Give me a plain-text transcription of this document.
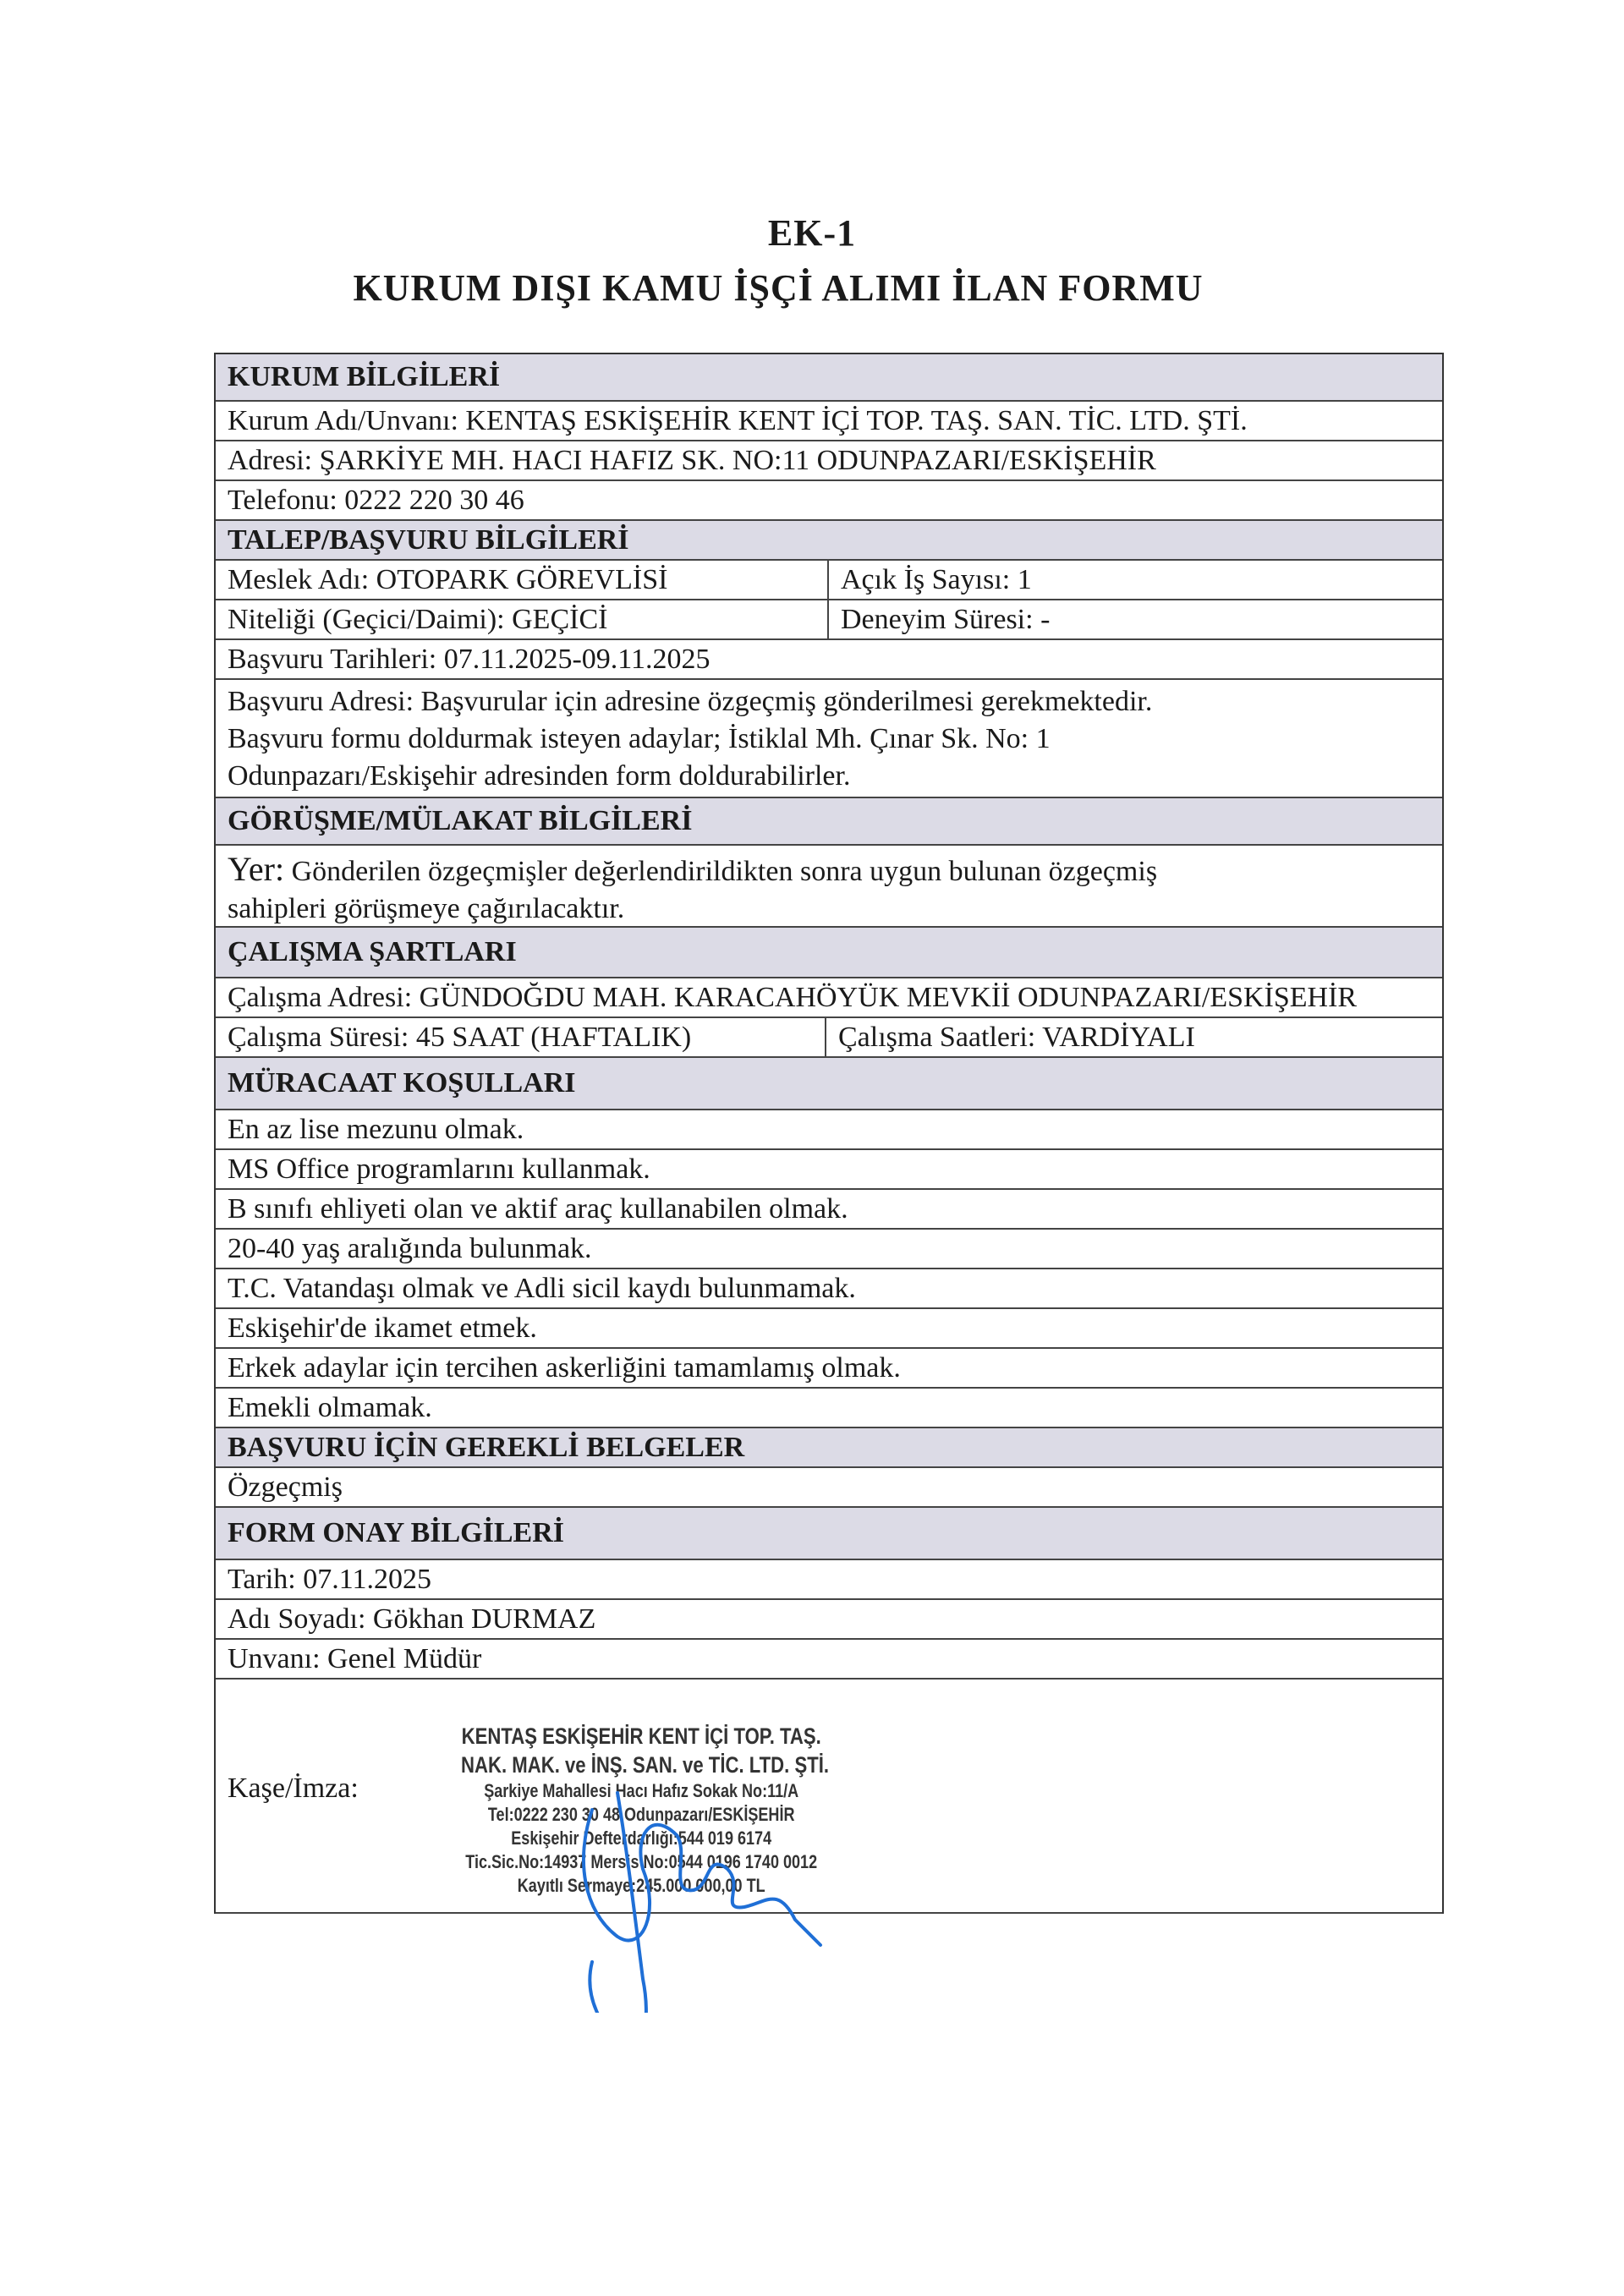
EK-1
KURUM DIŞI KAMU İŞÇİ ALIMI İLAN FORMU
KURUM BİLGİLERİ
Kurum Adı/Unvanı: KENTAŞ ESKİŞEHİR KENT İÇİ TOP. TAŞ. SAN. TİC. LTD. ŞTİ.
Adresi: ŞARKİYE MH. HACI HAFIZ SK. NO:11 ODUNPAZARI/ESKİŞEHİR
Telefonu: 0222 220 30 46
TALEP/BAŞVURU BİLGİLERİ
Meslek Adı: OTOPARK GÖREVLİSİ	Açık İş Sayısı: 1
Niteliği (Geçici/Daimi): GEÇİCİ	Deneyim Süresi: -
Başvuru Tarihleri: 07.11.2025-09.11.2025
Başvuru Adresi: Başvurular için adresine özgeçmiş gönderilmesi gerekmektedir.
Başvuru formu doldurmak isteyen adaylar; İstiklal Mh. Çınar Sk. No: 1
Odunpazarı/Eskişehir adresinden form doldurabilirler.
GÖRÜŞME/MÜLAKAT BİLGİLERİ
Yer: Gönderilen özgeçmişler değerlendirildikten sonra uygun bulunan özgeçmiş
sahipleri görüşmeye çağırılacaktır.
ÇALIŞMA ŞARTLARI
Çalışma Adresi: GÜNDOĞDU MAH. KARACAHÖYÜK MEVKİİ ODUNPAZARI/ESKİŞEHİR
Çalışma Süresi: 45 SAAT (HAFTALIK)	Çalışma Saatleri: VARDİYALI
MÜRACAAT KOŞULLARI
En az lise mezunu olmak.
MS Office programlarını kullanmak.
B sınıfı ehliyeti olan ve aktif araç kullanabilen olmak.
20-40 yaş aralığında bulunmak.
T.C. Vatandaşı olmak ve Adli sicil kaydı bulunmamak.
Eskişehir'de ikamet etmek.
Erkek adaylar için tercihen askerliğini tamamlamış olmak.
Emekli olmamak.
BAŞVURU İÇİN GEREKLİ BELGELER
Özgeçmiş
FORM ONAY BİLGİLERİ
Tarih: 07.11.2025
Adı Soyadı: Gökhan DURMAZ
Unvanı: Genel Müdür
Kaşe/İmza:
KENTAŞ ESKİŞEHİR KENT İÇİ TOP. TAŞ.
NAK. MAK. ve İNŞ. SAN. ve TİC. LTD. ŞTİ.
Şarkiye Mahallesi Hacı Hafız Sokak No:11/A
Tel:0222 230 30 48 Odunpazarı/ESKİŞEHİR
Eskişehir Defterdarlığı:544 019 6174
Tic.Sic.No:14937 Mersis No:0544 0196 1740 0012
Kayıtlı Sermaye:245.000.000,00 TL
